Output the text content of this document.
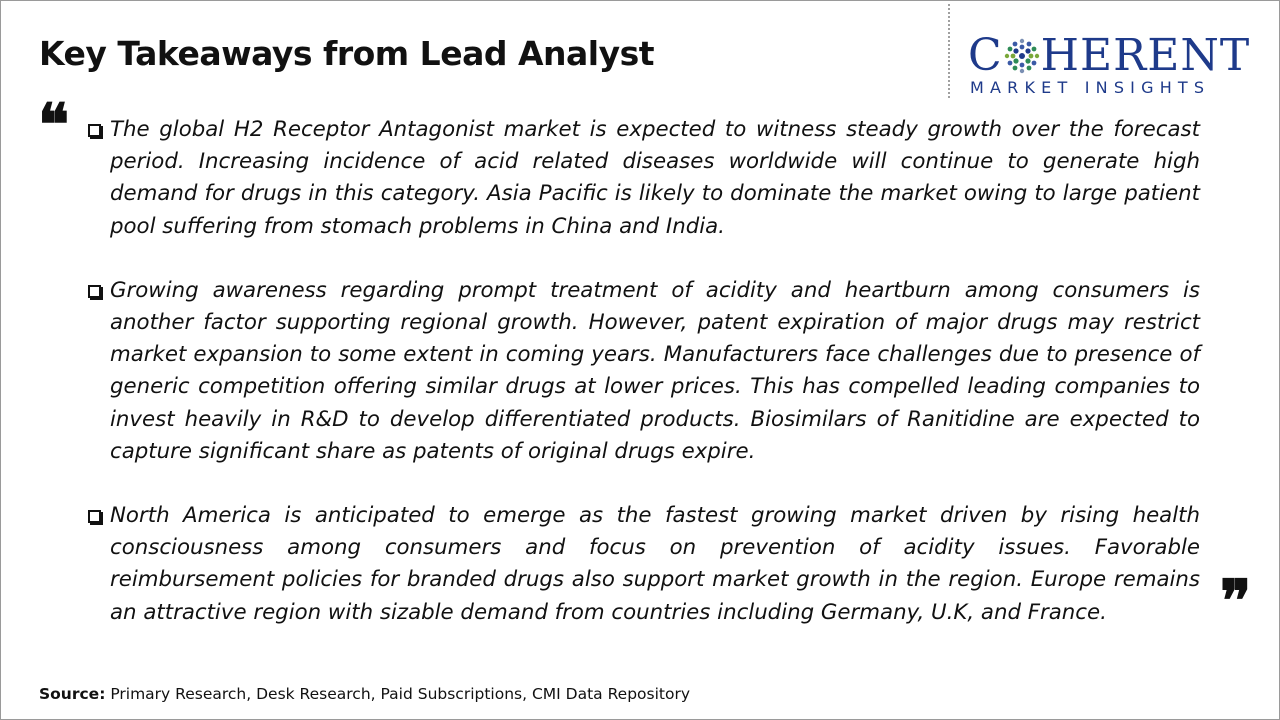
Key Takeaways from Lead Analyst	C HERENT
MARKET INSIGHTS
❝
❞
The global H2 Receptor Antagonist market is expected to witness steady growth over the forecast period. Increasing incidence of acid related diseases worldwide will continue to generate high demand for drugs in this category. Asia Pacific is likely to dominate the market owing to large patient pool suffering from stomach problems in China and India.
Growing awareness regarding prompt treatment of acidity and heartburn among consumers is another factor supporting regional growth. However, patent expiration of major drugs may restrict market expansion to some extent in coming years. Manufacturers face challenges due to presence of generic competition offering similar drugs at lower prices. This has compelled leading companies to invest heavily in R&D to develop differentiated products. Biosimilars of Ranitidine are expected to capture significant share as patents of original drugs expire.
North America is anticipated to emerge as the fastest growing market driven by rising health consciousness among consumers and focus on prevention of acidity issues. Favorable reimbursement policies for branded drugs also support market growth in the region. Europe remains an attractive region with sizable demand from countries including Germany, U.K, and France.
Source: Primary Research, Desk Research, Paid Subscriptions, CMI Data Repository
